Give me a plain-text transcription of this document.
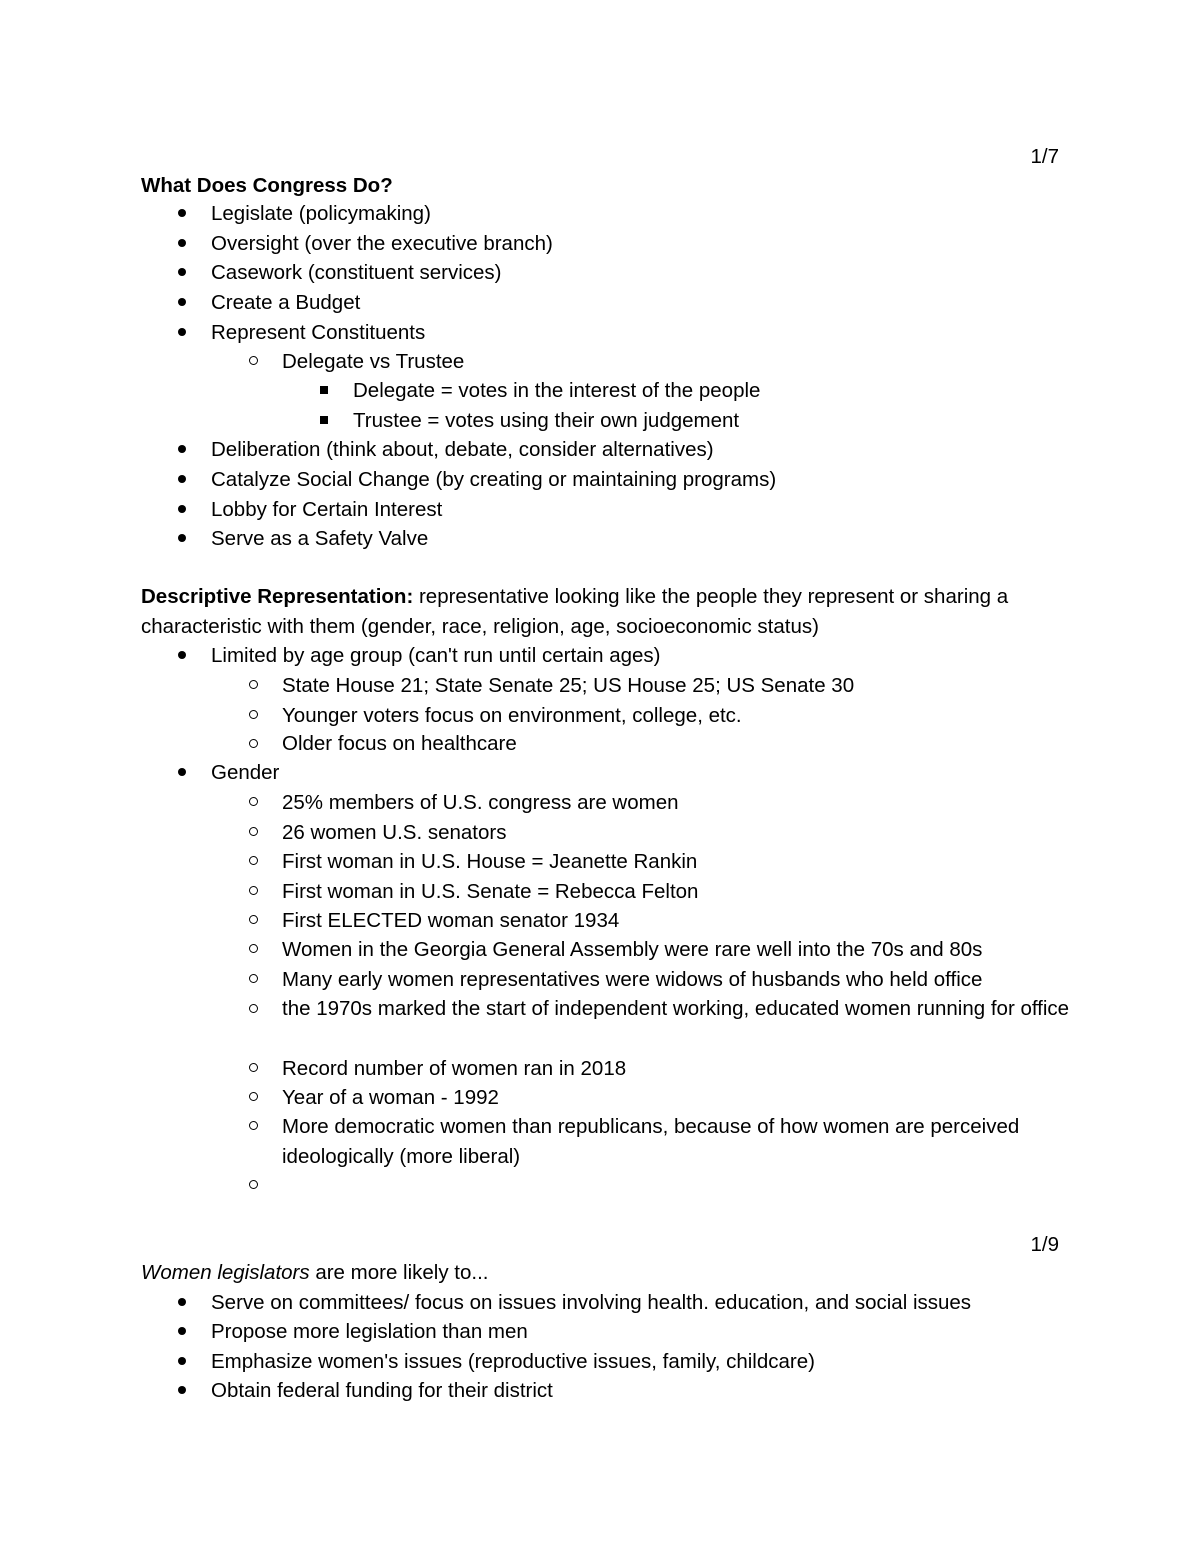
1/7
What Does Congress Do?
Legislate (policymaking)
Oversight (over the executive branch)
Casework (constituent services)
Create a Budget
Represent Constituents
Delegate vs Trustee
Delegate = votes in the interest of the people
Trustee = votes using their own judgement
Deliberation (think about, debate, consider alternatives)
Catalyze Social Change (by creating or maintaining programs)
Lobby for Certain Interest
Serve as a Safety Valve
Descriptive Representation: representative looking like the people they represent or sharing a characteristic with them (gender, race, religion, age, socioeconomic status)
Limited by age group (can't run until certain ages)
State House 21; State Senate 25; US House 25; US Senate 30
Younger voters focus on environment, college, etc.
Older focus on healthcare
Gender
25% members of U.S. congress are women
26 women U.S. senators
First woman in U.S. House = Jeanette Rankin
First woman in U.S. Senate = Rebecca Felton
First ELECTED woman senator 1934
Women in the Georgia General Assembly were rare well into the 70s and 80s
Many early women representatives were widows of husbands who held office
the 1970s marked the start of independent working, educated women running for office
Record number of women ran in 2018
Year of a woman - 1992
More democratic women than republicans, because of how women are perceived ideologically (more liberal)
1/9
Women legislators are more likely to...
Serve on committees/ focus on issues involving health. education, and social issues
Propose more legislation than men
Emphasize women's issues (reproductive issues, family, childcare)
Obtain federal funding for their district
